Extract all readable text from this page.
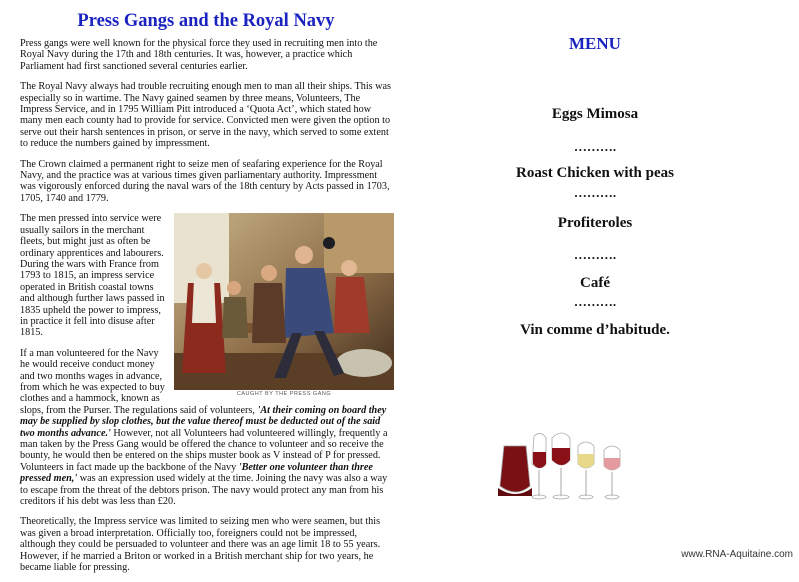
Press Gangs and the Royal Navy

Press gangs were well known for the physical force they used in recruiting men into the Royal Navy during the 17th and 18th centuries. It was, however, a practice which Parliament had first sanctioned several centuries earlier.

The Royal Navy always had trouble recruiting enough men to man all their ships. This was especially so in wartime. The Navy gained seamen by three means, Volunteers, The Impress Service, and in 1795 William Pitt introduced a ‘Quota Act’, which stated how many men each county had to provide for service. Convicted men were given the option to serve out their harsh sentences in prison, or serve in the navy, which served to some extent to reduce the numbers gained by impressment.

The Crown claimed a permanent right to seize men of seafaring experience for the Royal Navy, and the practice was at various times given parliamentary authority. Impressment was vigorously enforced during the naval wars of the 18th century by Acts passed in 1703, 1705, 1740 and 1779.

CAUGHT BY THE PRESS GANG

The men pressed into service were usually sailors in the merchant fleets, but might just as often be ordinary apprentices and labourers. During the wars with France from 1793 to 1815, an impress service operated in British coastal towns and although further laws passed in 1835 upheld the power to impress, in practice it fell into disuse after 1815.

If a man volunteered for the Navy he would receive conduct money and two months wages in advance, from which he was expected to buy clothes and a hammock, known as slops, from the Purser. The regulations said of volunteers, 'At their coming on board they may be supplied by slop clothes, but the value thereof must be deducted out of the said two months advance.' However, not all Volunteers had volunteered willingly, frequently a man taken by the Press Gang would be offered the chance to volunteer and so receive the bounty, he would then be entered on the ships muster book as V instead of P for pressed. Volunteers in fact made up the backbone of the Navy 'Better one volunteer than three pressed men,' was an expression used widely at the time. Joining the navy was also a way to escape from the threat of the debtors prison. The navy would protect any man from his creditors if his debt was less than £20.

Theoretically, the Impress service was limited to seizing men who were seamen, but this was given a broad interpretation. Officially too, foreigners could not be impressed, although they could be persuaded to volunteer and there was an age limit 18 to 55 years. However, if he married a Briton or worked in a British merchant ship for two years, he became liable for pressing.

MENU
Eggs Mimosa
……….
Roast Chicken with peas
……….
Profiteroles
……….
Café
……….
Vin comme d’habitude.
www.RNA-Aquitaine.com
